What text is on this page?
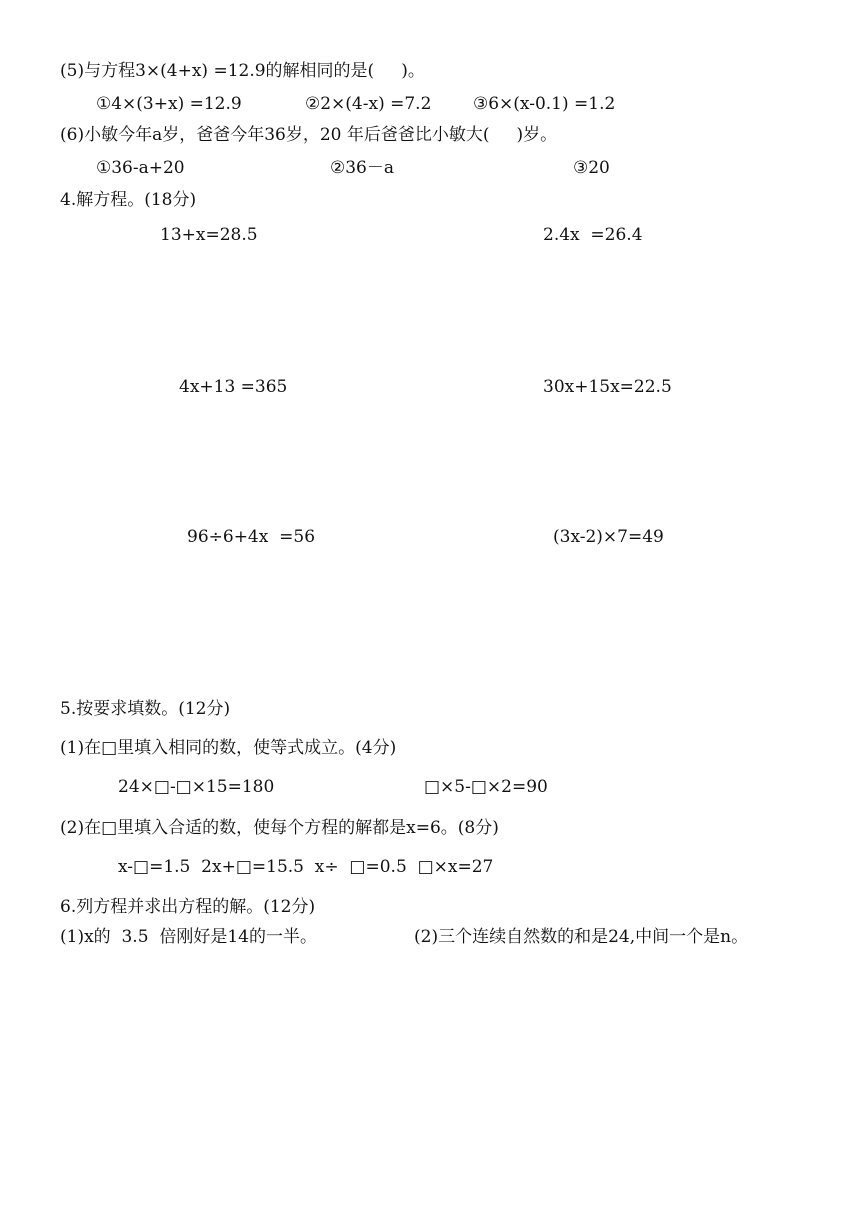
(5)与方程3×(4+x) =12.9的解相同的是(     )。
①4×(3+x) =12.9	②2×(4-x) =7.2 ③6×(x-0.1) =1.2
(6)小敏今年a岁，爸爸今年36岁，20 年后爸爸比小敏大(     )岁。
①36-a+20	②36－a	③20
4.解方程。(18分)
13+x=28.5	2.4x  =26.4
4x+13 =365	30x+15x=22.5
96÷6+4x  =56	(3x-2)×7=49
5.按要求填数。(12分)
(1)在□里填入相同的数，使等式成立。(4分)
24×□-□×15=180	□×5-□×2=90
(2)在□里填入合适的数，使每个方程的解都是x=6。(8分)
x-□=1.5  2x+□=15.5  x÷  □=0.5  □×x=27
6.列方程并求出方程的解。(12分)
(1)x的  3.5  倍刚好是14的一半。	(2)三个连续自然数的和是24,中间一个是n。
